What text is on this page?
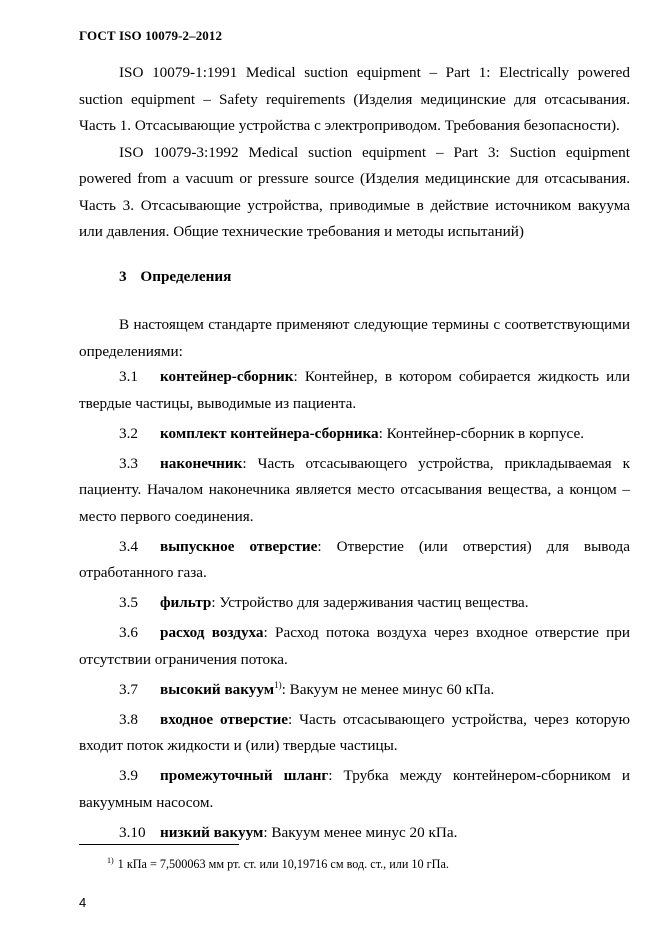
ГОСТ ISO 10079-2–2012

ISO 10079-1:1991 Medical suction equipment – Part 1: Electrically powered suction equipment – Safety requirements (Изделия медицинские для отсасывания. Часть 1. Отсасывающие устройства с электроприводом. Требования безопасности).

ISO 10079-3:1992 Medical suction equipment – Part 3: Suction equipment powered from a vacuum or pressure source (Изделия медицинские для отсасывания. Часть 3. Отсасывающие устройства, приводимые в действие источником вакуума или давления. Общие технические требования и методы испытаний)

3 Определения

В настоящем стандарте применяют следующие термины с соответствующими определениями:

3.1 контейнер-сборник: Контейнер, в котором собирается жидкость или твердые частицы, выводимые из пациента.

3.2 комплект контейнера-сборника: Контейнер-сборник в корпусе.

3.3 наконечник: Часть отсасывающего устройства, прикладываемая к пациенту. Началом наконечника является место отсасывания вещества, а концом – место первого соединения.

3.4 выпускное отверстие: Отверстие (или отверстия) для вывода отработанного газа.

3.5 фильтр: Устройство для задерживания частиц вещества.

3.6 расход воздуха: Расход потока воздуха через входное отверстие при отсутствии ограничения потока.

3.7 высокий вакуум$^{1)}$: Вакуум не менее минус 60 кПа.

3.8 входное отверстие: Часть отсасывающего устройства, через которую входит поток жидкости и (или) твердые частицы.

3.9 промежуточный шланг: Трубка между контейнером-сборником и вакуумным насосом.

3.10 низкий вакуум: Вакуум менее минус 20 кПа.

$^{1)}$ 1 кПа = 7,500063 мм рт. ст. или 10,19716 см вод. ст., или 10 гПа.
4
